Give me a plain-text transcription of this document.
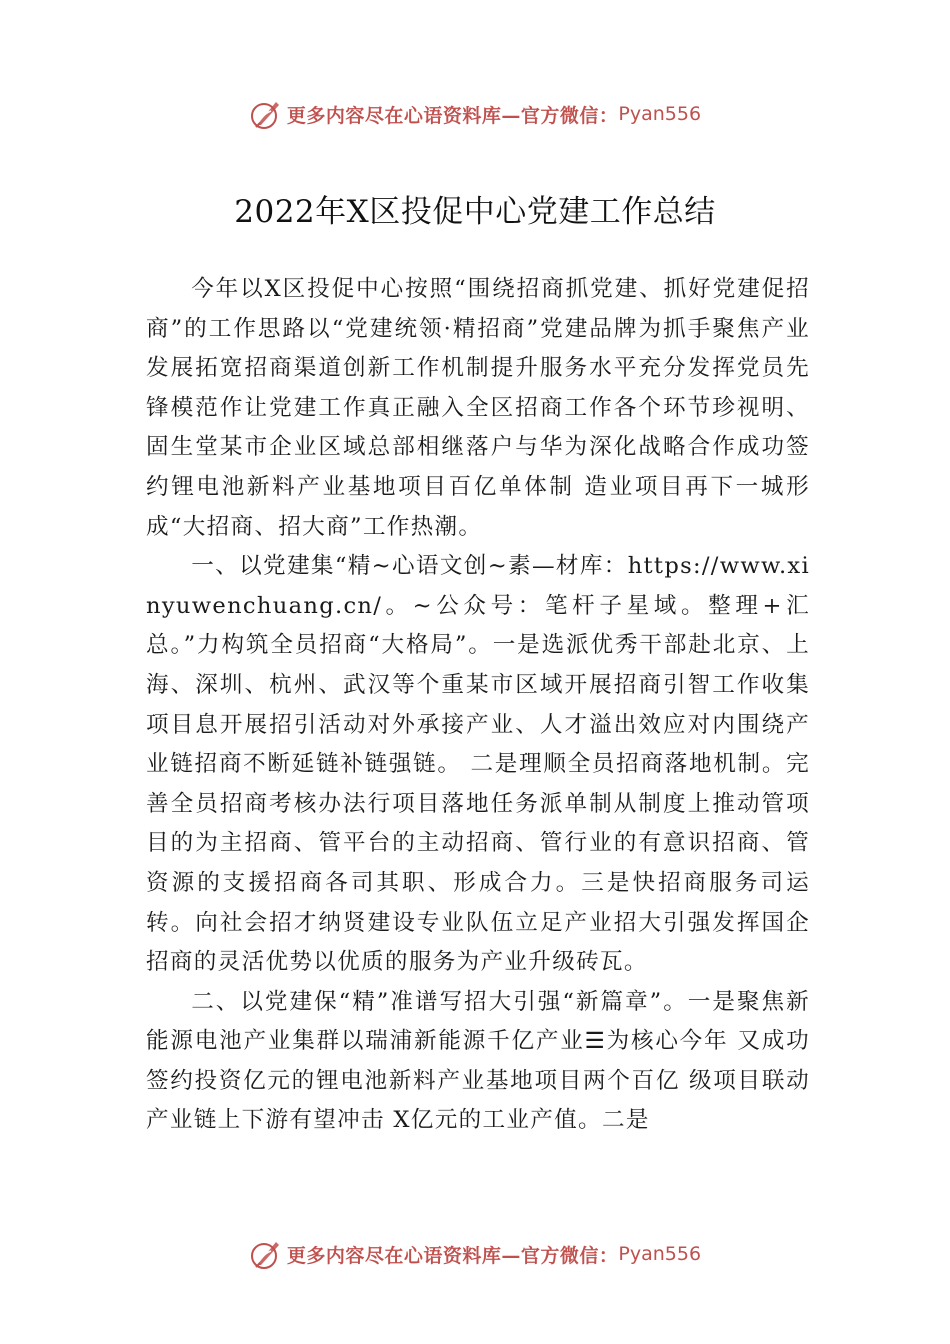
更多内容尽在心语资料库—官方微信： Pyan556
2022年X区投促中心党建工作总结

今年以X区投促中心按照“围绕招商抓党建、抓好党建促招商”的工作思路以“党建统领·精招商”党建品牌为抓手聚焦产业发展拓宽招商渠道创新工作机制提升服务水平充分发挥党员先锋模范作让党建工作真正融入全区招商工作各个环节珍视明、固生堂某市企业区域总部相继落户与华为深化战略合作成功签约锂电池新料产业基地项目百亿单体制 造业项目再下一城形成“大招商、招大商”工作热潮。

一、以党建集“精~心语文创~素—材库：https://www.xinyuwenchuang.cn/。~公众号：笔杆子星域。整理+汇总。”力构筑全员招商“大格局”。一是选派优秀干部赴北京、上海、深圳、杭州、武汉等个重某市区域开展招商引智工作收集项目息开展招引活动对外承接产业、人才溢出效应对内围绕产业链招商不断延链补链强链。 二是理顺全员招商落地机制。完善全员招商考核办法行项目落地任务派单制从制度上推动管项目的为主招商、管平台的主动招商、管行业的有意识招商、管资源的支援招商各司其职、形成合力。三是快招商服务司运转。向社会招才纳贤建设专业队伍立足产业招大引强发挥国企招商的灵活优势以优质的服务为产业升级砖瓦。

二、以党建保“精”准谱写招大引强“新篇章”。一是聚焦新能源电池产业集群以瑞浦新能源千亿产业☰为核心今年 又成功签约投资亿元的锂电池新料产业基地项目两个百亿 级项目联动产业链上下游有望冲击 X亿元的工业产值。二是

更多内容尽在心语资料库—官方微信： Pyan556
